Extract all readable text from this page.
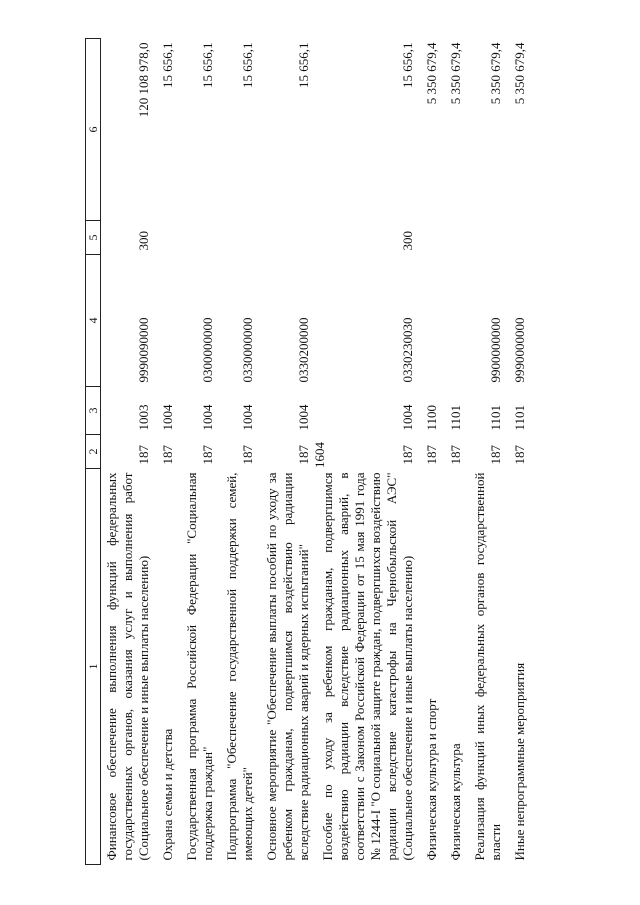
1604
1	2	3	4	5	6
Финансовое обеспечение выполнения функций федеральных государственных органов, оказания услуг и выполнения работ (Социальное обеспечение и иные выплаты населению)	187	1003	9990090000	300	120 108 978,0
Охрана семьи и детства	187	1004			15 656,1
Государственная программа Российской Федерации "Социальная поддержка граждан"	187	1004	0300000000		15 656,1
Подпрограмма "Обеспечение государственной поддержки семей, имеющих детей"	187	1004	0330000000		15 656,1
Основное мероприятие "Обеспечение выплаты пособий по уходу за ребенком гражданам, подвергшимся воздействию радиации вследствие радиационных аварий и ядерных испытаний"	187	1004	0330200000		15 656,1
Пособие по уходу за ребенком гражданам, подвергшимся воздействию радиации вследствие радиационных аварий, в соответствии с Законом Российской Федерации от 15 мая 1991 года № 1244-I "О социальной защите граждан, подвергшихся воздействию радиации вследствие катастрофы на Чернобыльской АЭС" (Социальное обеспечение и иные выплаты населению)	187	1004	0330230030	300	15 656,1
Физическая культура и спорт	187	1100			5 350 679,4
Физическая культура	187	1101			5 350 679,4
Реализация функций иных федеральных органов государственной власти	187	1101	9900000000		5 350 679,4
Иные непрограммные мероприятия	187	1101	9990000000		5 350 679,4
